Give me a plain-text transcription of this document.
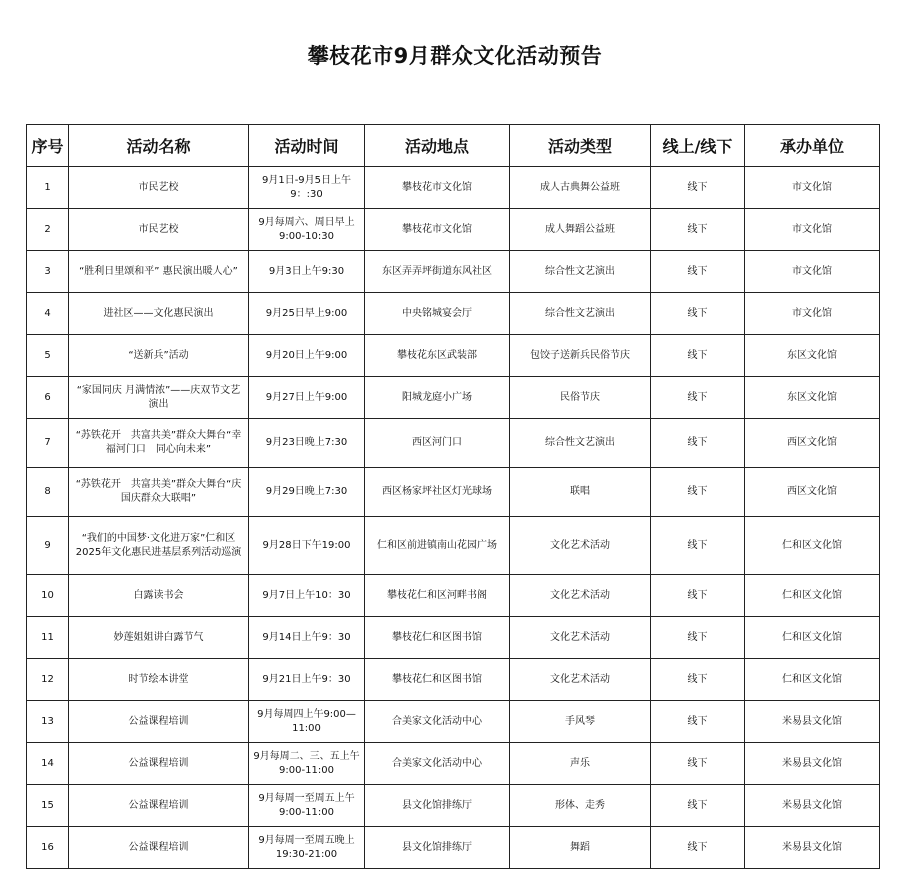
攀枝花市9月群众文化活动预告
序号	活动名称	活动时间	活动地点	活动类型	线上/线下	承办单位
1	市民艺校	9月1日-9月5日上午9：:30	攀枝花市文化馆	成人古典舞公益班	线下	市文化馆
2	市民艺校	9月每周六、周日早上9:00-10:30	攀枝花市文化馆	成人舞蹈公益班	线下	市文化馆
3	“胜利日里颂和平” 惠民演出暖人心”	9月3日上午9:30	东区弄弄坪街道东风社区	综合性文艺演出	线下	市文化馆
4	进社区——文化惠民演出	9月25日早上9:00	中央铭城宴会厅	综合性文艺演出	线下	市文化馆
5	“送新兵”活动	9月20日上午9:00	攀枝花东区武装部	包饺子送新兵民俗节庆	线下	东区文化馆
6	“家国同庆 月满情浓”——庆双节文艺演出	9月27日上午9:00	阳城龙庭小广场	民俗节庆	线下	东区文化馆
7	“苏铁花开　共富共美”群众大舞台“幸福河门口　同心向未来”	9月23日晚上7:30	西区河门口	综合性文艺演出	线下	西区文化馆
8	“苏铁花开　共富共美”群众大舞台“庆国庆群众大联唱”	9月29日晚上7:30	西区杨家坪社区灯光球场	联唱	线下	西区文化馆
9	“我们的中国梦·文化进万家”仁和区2025年文化惠民进基层系列活动巡演	9月28日下午19:00	仁和区前进镇南山花园广场	文化艺术活动	线下	仁和区文化馆
10	白露读书会	9月7日上午10：30	攀枝花仁和区河畔书阁	文化艺术活动	线下	仁和区文化馆
11	妙莲姐姐讲白露节气	9月14日上午9：30	攀枝花仁和区图书馆	文化艺术活动	线下	仁和区文化馆
12	时节绘本讲堂	9月21日上午9：30	攀枝花仁和区图书馆	文化艺术活动	线下	仁和区文化馆
13	公益课程培训	9月每周四上午9:00—11:00	合美家文化活动中心	手风琴	线下	米易县文化馆
14	公益课程培训	9月每周二、三、五上午9:00-11:00	合美家文化活动中心	声乐	线下	米易县文化馆
15	公益课程培训	9月每周一至周五上午9:00-11:00	县文化馆排练厅	形体、走秀	线下	米易县文化馆
16	公益课程培训	9月每周一至周五晚上19:30-21:00	县文化馆排练厅	舞蹈	线下	米易县文化馆
